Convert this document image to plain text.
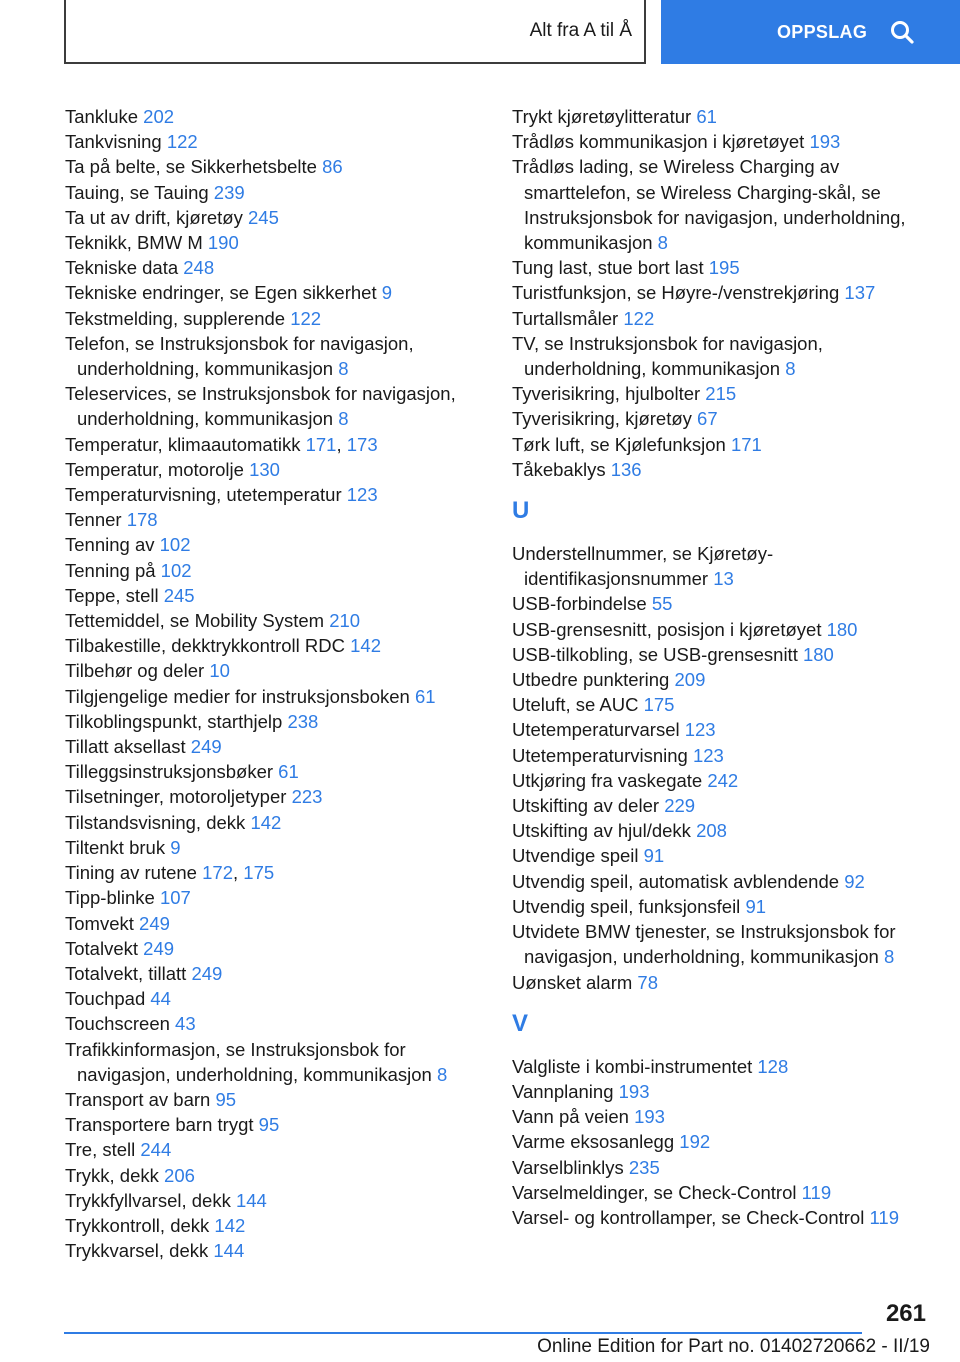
Alt fra A til Å	OPPSLAG

Tankluke 202

Tankvisning 122

Ta på belte, se Sikkerhetsbelte 86

Tauing, se Tauing 239

Ta ut av drift, kjøretøy 245

Teknikk, BMW M 190

Tekniske data 248

Tekniske endringer, se Egen sikkerhet 9

Tekstmelding, supplerende 122

Telefon, se Instruksjonsbok for navigasjon, underholdning, kommunikasjon 8

Teleservices, se Instruksjonsbok for navigasjon, underholdning, kommunikasjon 8

Temperatur, klimaautomatikk 171, 173

Temperatur, motorolje 130

Temperaturvisning, utetemperatur 123

Tenner 178

Tenning av 102

Tenning på 102

Teppe, stell 245

Tettemiddel, se Mobility System 210

Tilbakestille, dekktrykkontroll RDC 142

Tilbehør og deler 10

Tilgjengelige medier for instruksjonsboken 61

Tilkoblingspunkt, starthjelp 238

Tillatt aksellast 249

Tilleggsinstruksjonsbøker 61

Tilsetninger, motoroljetyper 223

Tilstandsvisning, dekk 142

Tiltenkt bruk 9

Tining av rutene 172, 175

Tipp-blinke 107

Tomvekt 249

Totalvekt 249

Totalvekt, tillatt 249

Touchpad 44

Touchscreen 43

Trafikkinformasjon, se Instruksjonsbok for navigasjon, underholdning, kommunikasjon 8

Transport av barn 95

Transportere barn trygt 95

Tre, stell 244

Trykk, dekk 206

Trykkfyllvarsel, dekk 144

Trykkontroll, dekk 142

Trykkvarsel, dekk 144

Trykt kjøretøylitteratur 61

Trådløs kommunikasjon i kjøretøyet 193

Trådløs lading, se Wireless Charging av smarttelefon, se Wireless Charging-skål, se Instruksjonsbok for navigasjon, underholdning, kommunikasjon 8

Tung last, stue bort last 195

Turistfunksjon, se Høyre-/venstrekjøring 137

Turtallsmåler 122

TV, se Instruksjonsbok for navigasjon, underholdning, kommunikasjon 8

Tyverisikring, hjulbolter 215

Tyverisikring, kjøretøy 67

Tørk luft, se Kjølefunksjon 171

Tåkebaklys 136

U

Understellnummer, se Kjøretøy-identifikasjonsnummer 13

USB-forbindelse 55

USB-grensesnitt, posisjon i kjøretøyet 180

USB-tilkobling, se USB-grensesnitt 180

Utbedre punktering 209

Uteluft, se AUC 175

Utetemperaturvarsel 123

Utetemperaturvisning 123

Utkjøring fra vaskegate 242

Utskifting av deler 229

Utskifting av hjul/dekk 208

Utvendige speil 91

Utvendig speil, automatisk avblendende 92

Utvendig speil, funksjonsfeil 91

Utvidete BMW tjenester, se Instruksjonsbok for navigasjon, underholdning, kommunikasjon 8

Uønsket alarm 78

V

Valgliste i kombi-instrumentet 128

Vannplaning 193

Vann på veien 193

Varme eksosanlegg 192

Varselblinklys 235

Varselmeldinger, se Check-Control 119

Varsel- og kontrollamper, se Check-Control 119

261
Online Edition for Part no. 01402720662 - II/19
